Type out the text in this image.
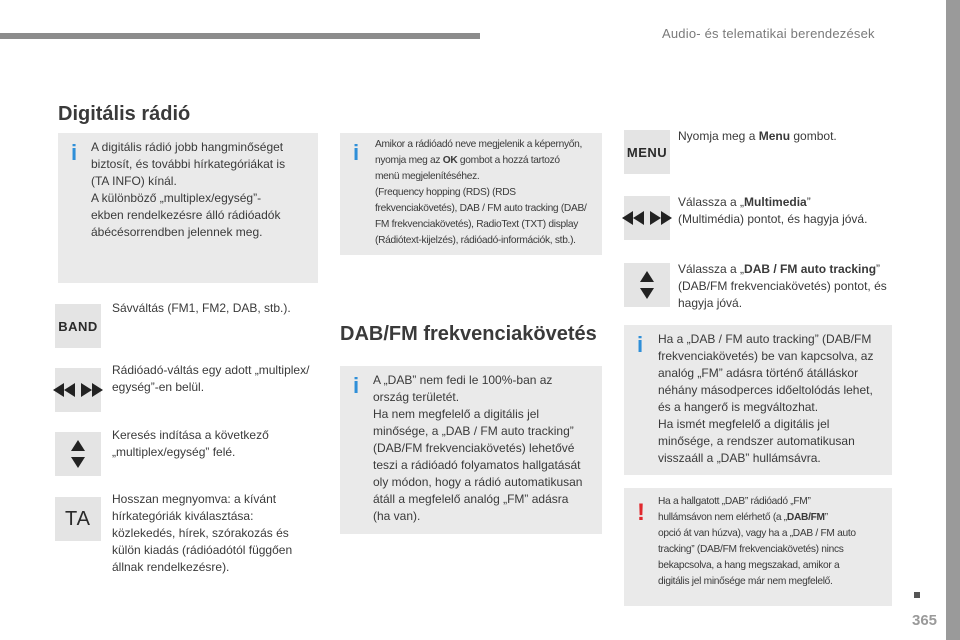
Audio- és telematikai berendezések
Digitális rádió
i A digitális rádió jobb hangminőséget
biztosít, és további hírkategóriákat is
(TA INFO) kínál.
A különböző „multiplex/egység”-
ekben rendelkezésre álló rádióadók
ábécésorrendben jelennek meg.
i Amikor a rádióadó neve megjelenik a képernyőn,
nyomja meg az OK gombot a hozzá tartozó
menü megjelenítéséhez.
(Frequency hopping (RDS) (RDS
frekvenciakövetés), DAB / FM auto tracking (DAB/
FM frekvenciakövetés), RadioText (TXT) display
(Rádiótext-kijelzés), rádióadó-információk, stb.).
BAND
Sávváltás (FM1, FM2, DAB, stb.).
Rádióadó-váltás egy adott „multiplex/
egység”-en belül.
Keresés indítása a következő
„multiplex/egység” felé.
TA
Hosszan megnyomva: a kívánt
hírkategóriák kiválasztása:
közlekedés, hírek, szórakozás és
külön kiadás (rádióadótól függően
állnak rendelkezésre).
DAB/FM frekvenciakövetés
i A „DAB” nem fedi le 100%-ban az
ország területét.
Ha nem megfelelő a digitális jel
minősége, a „DAB / FM auto tracking”
(DAB/FM frekvenciakövetés) lehetővé
teszi a rádióadó folyamatos hallgatását
oly módon, hogy a rádió automatikusan
átáll a megfelelő analóg „FM” adásra
(ha van).
MENU
Nyomja meg a Menu gombot.
Válassza a „Multimedia”
(Multimédia) pontot, és hagyja jóvá.
Válassza a „DAB / FM auto tracking”
(DAB/FM frekvenciakövetés) pontot, és
hagyja jóvá.
i Ha a „DAB / FM auto tracking” (DAB/FM
frekvenciakövetés) be van kapcsolva, az
analóg „FM” adásra történő átálláskor
néhány másodperces időeltolódás lehet,
és a hangerő is megváltozhat.
Ha ismét megfelelő a digitális jel
minősége, a rendszer automatikusan
visszaáll a „DAB” hullámsávra.
! Ha a hallgatott „DAB” rádióadó „FM”
hullámsávon nem elérhető (a „DAB/FM”
opció át van húzva), vagy ha a „DAB / FM auto
tracking” (DAB/FM frekvenciakövetés) nincs
bekapcsolva, a hang megszakad, amikor a
digitális jel minősége már nem megfelelő.
365
